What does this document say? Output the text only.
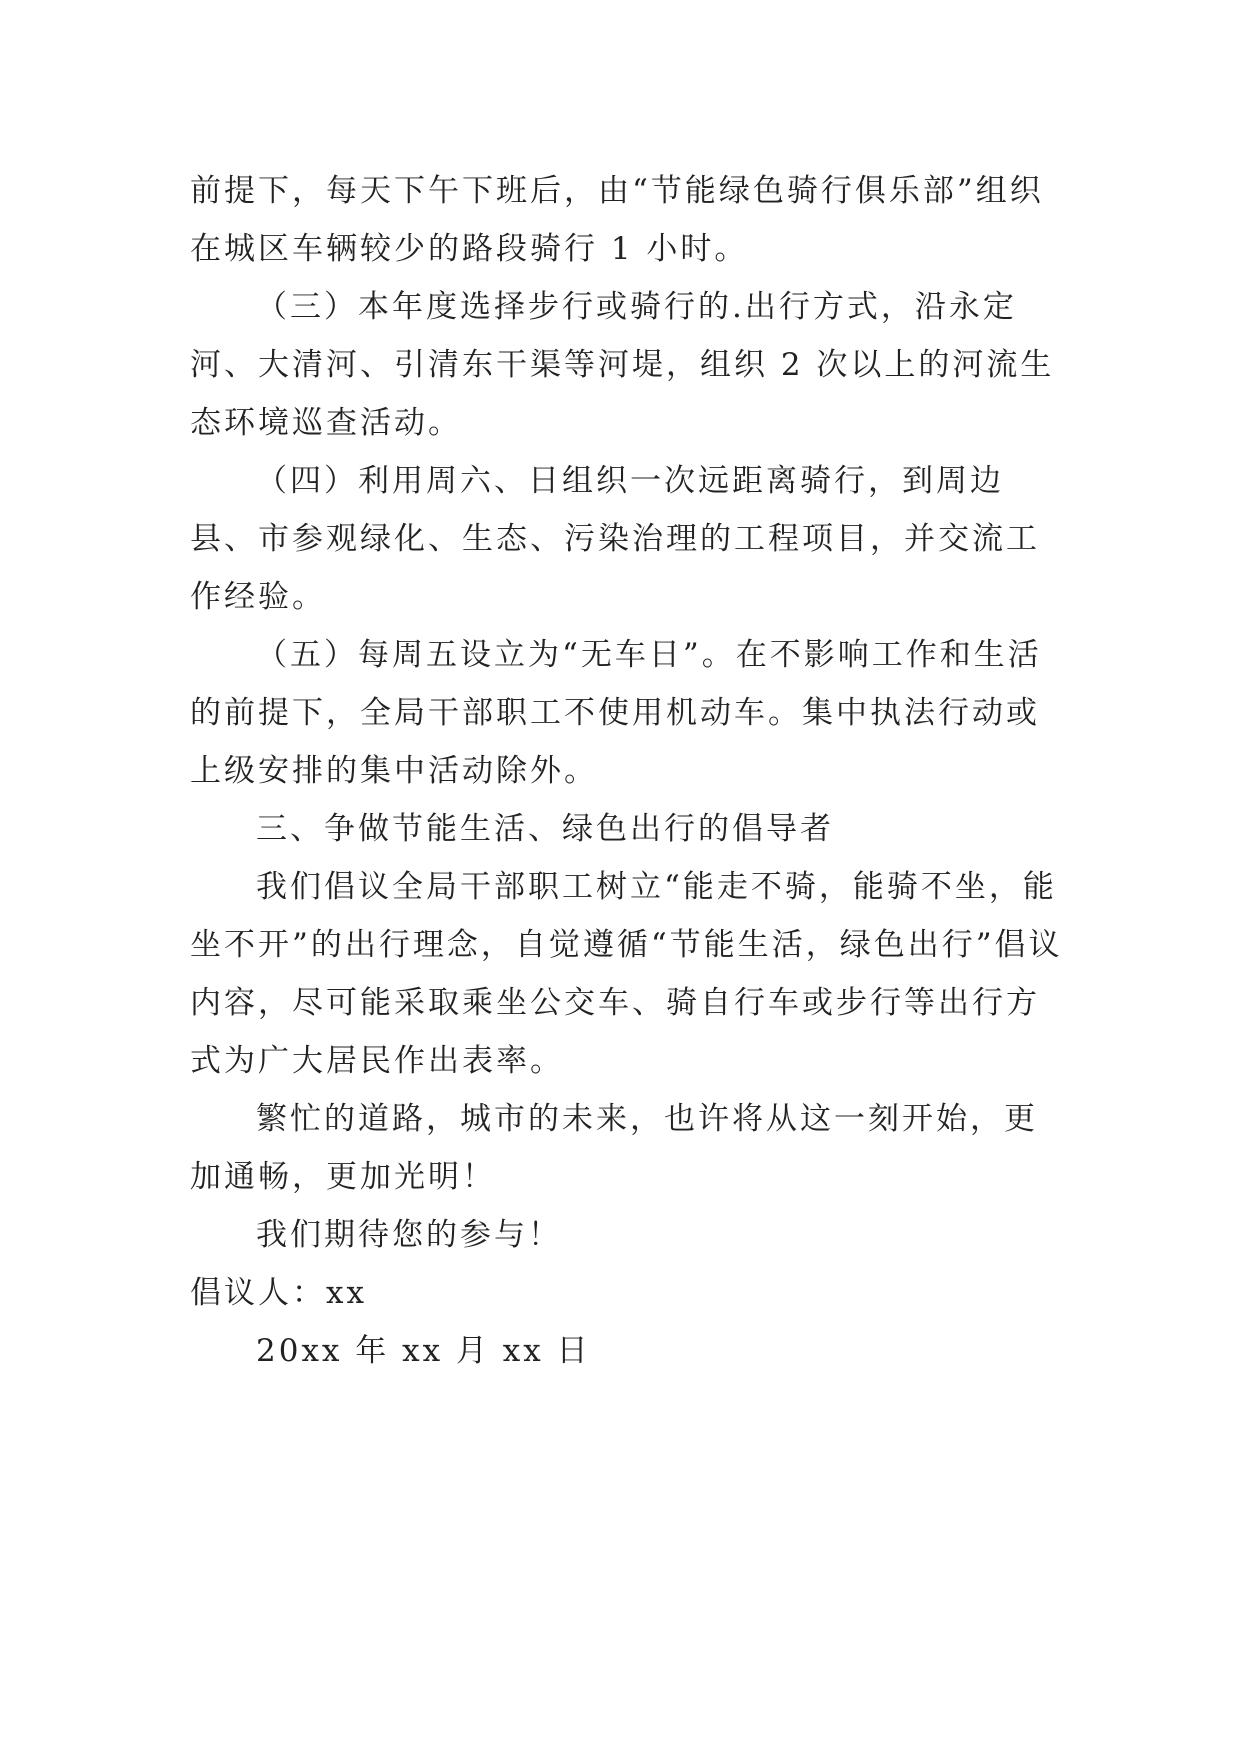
前提下，每天下午下班后，由“节能绿色骑行俱乐部”组织在城区车辆较少的路段骑行 1 小时。

（三）本年度选择步行或骑行的.出行方式，沿永定河、大清河、引清东干渠等河堤，组织 2 次以上的河流生态环境巡查活动。

（四）利用周六、日组织一次远距离骑行，到周边县、市参观绿化、生态、污染治理的工程项目，并交流工作经验。

（五）每周五设立为“无车日”。在不影响工作和生活的前提下，全局干部职工不使用机动车。集中执法行动或上级安排的集中活动除外。

三、争做节能生活、绿色出行的倡导者

我们倡议全局干部职工树立“能走不骑，能骑不坐，能坐不开”的出行理念，自觉遵循“节能生活，绿色出行”倡议内容，尽可能采取乘坐公交车、骑自行车或步行等出行方式为广大居民作出表率。

繁忙的道路，城市的未来，也许将从这一刻开始，更加通畅，更加光明！

我们期待您的参与！

倡议人：xx

20xx 年 xx 月 xx 日
